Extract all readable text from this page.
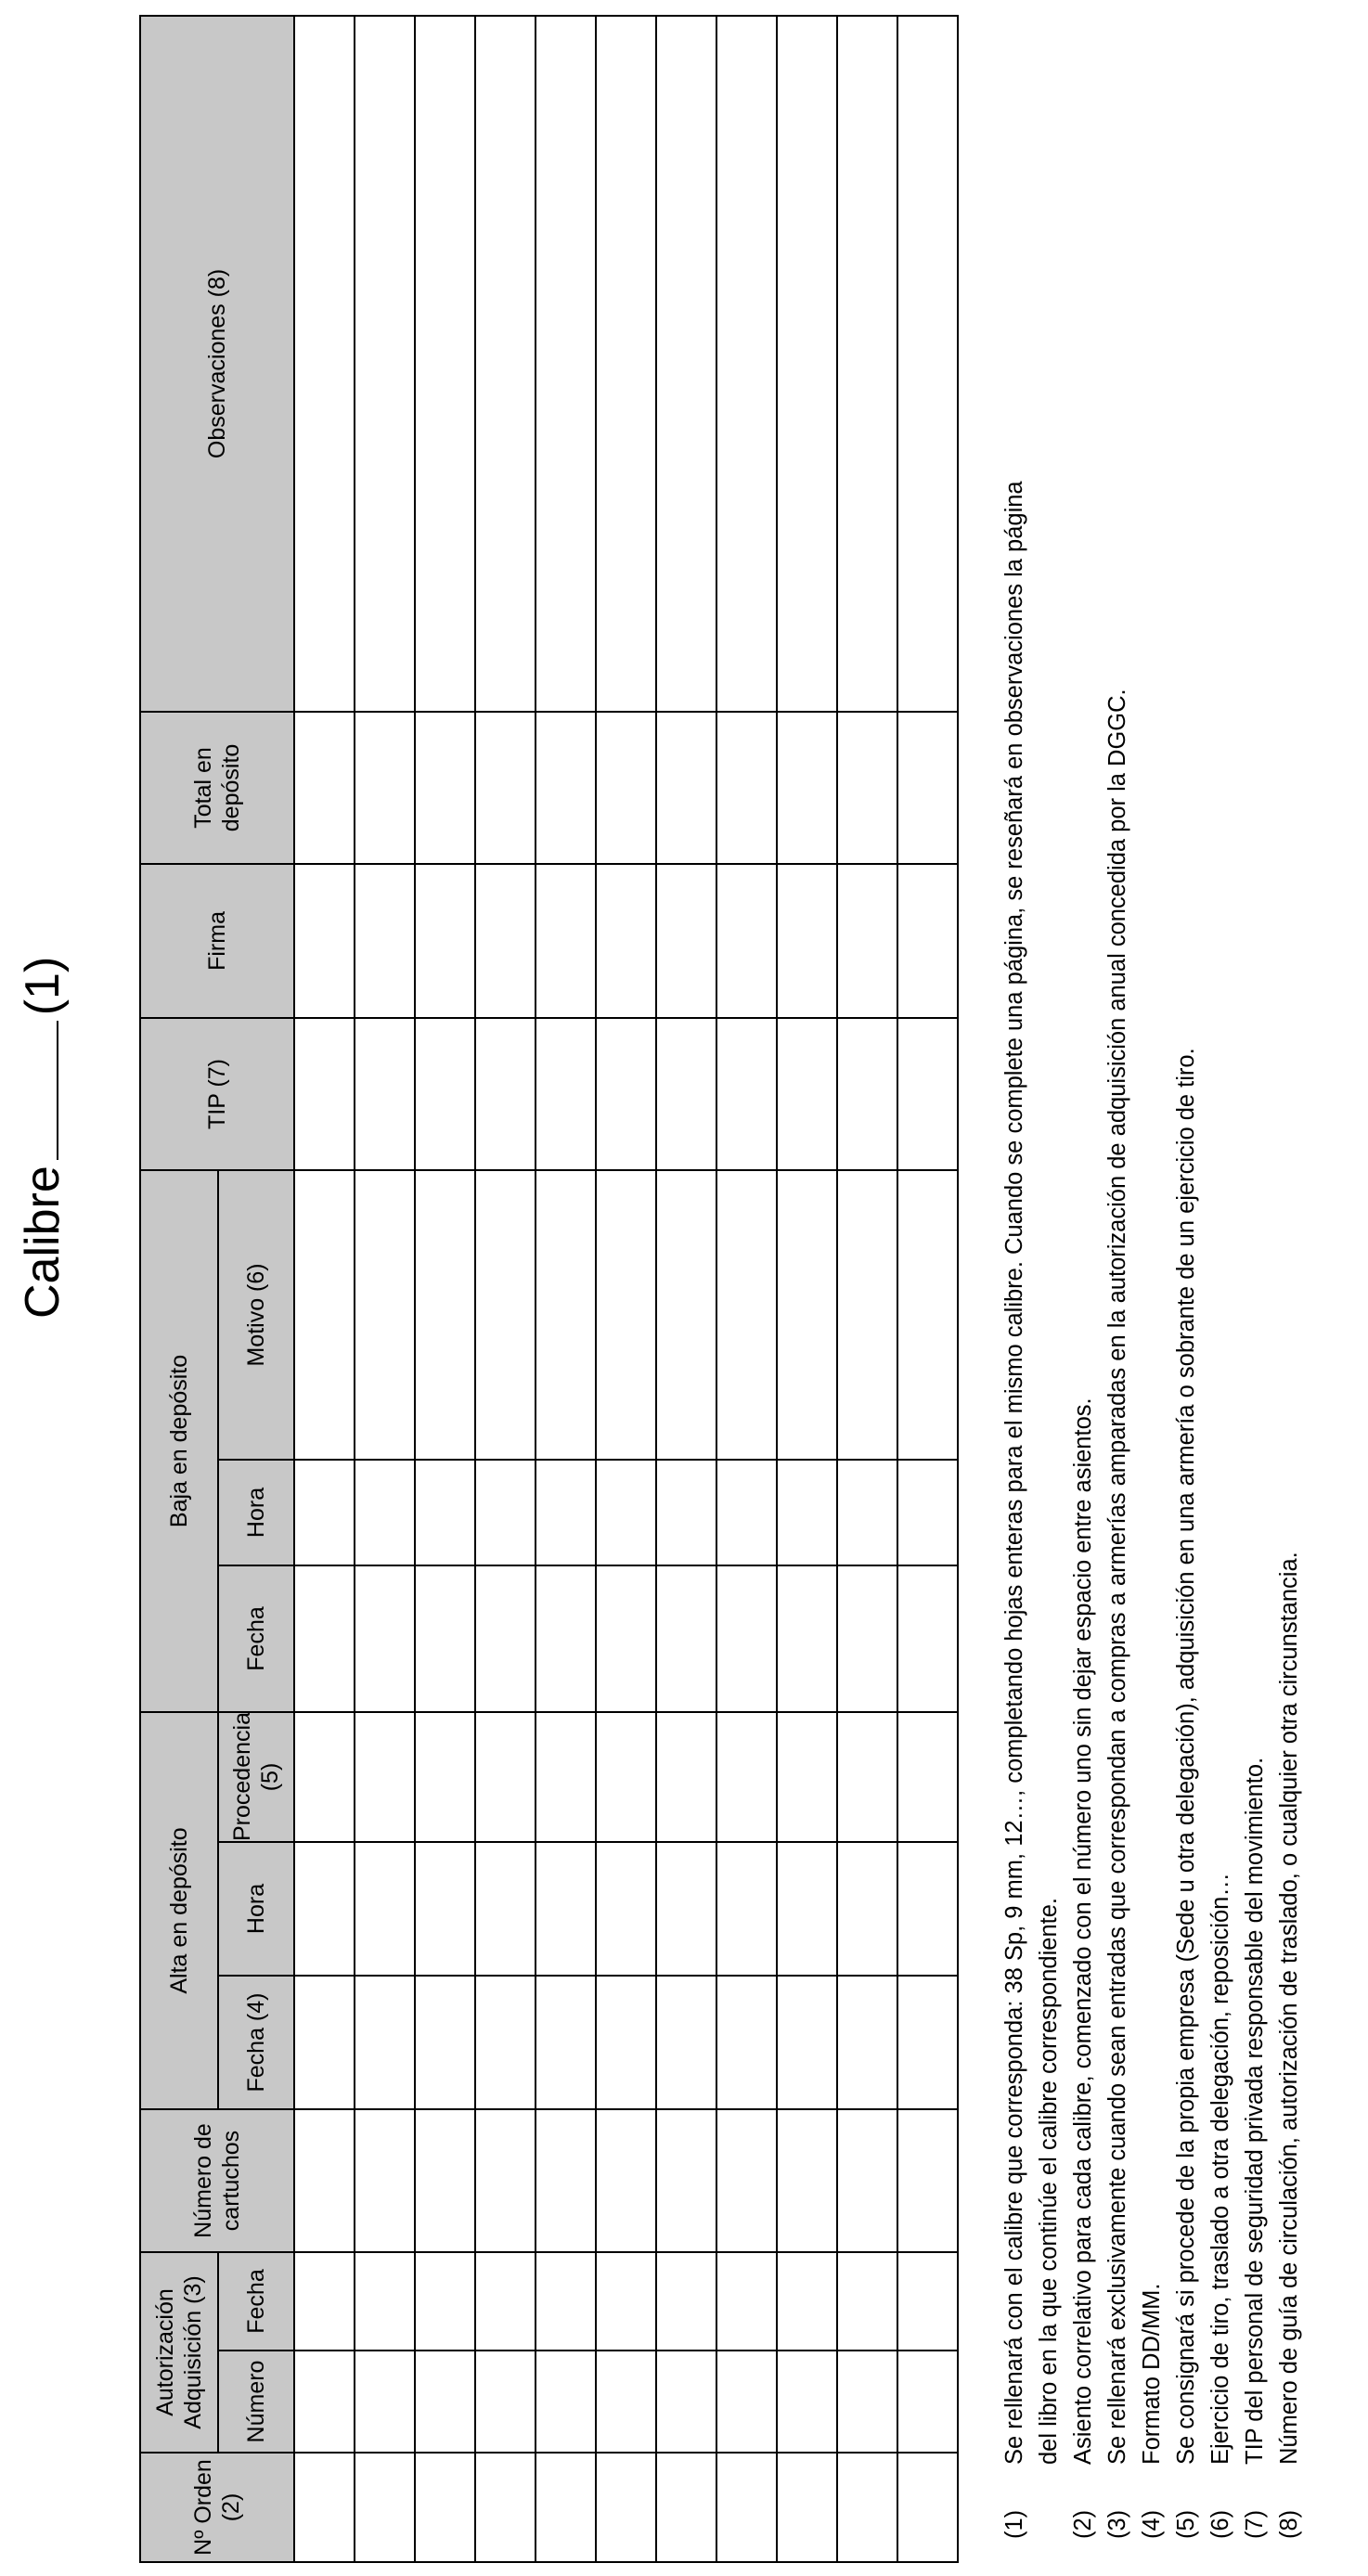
Calibre(1)
Nº Orden (2)	Autorización Adquisición (3)		Número de cartuchos	Alta en depósito			Baja en depósito			TIP (7)	Firma	Total en depósito	Observaciones (8)
	Número	Fecha		Fecha (4)	Hora	Procedencia (5)	Fecha	Hora	Motivo (6)				

(1)
Se rellenará con el calibre que corresponda: 38 Sp, 9 mm, 12…, completando hojas enteras para el mismo calibre. Cuando se complete una página, se reseñará en observaciones la página del libro en la que continúe el calibre correspondiente.
(2)
Asiento correlativo para cada calibre, comenzado con el número uno sin dejar espacio entre asientos.
(3)
Se rellenará exclusivamente cuando sean entradas que correspondan a compras a armerías amparadas en la autorización de adquisición anual concedida por la DGGC.
(4)
Formato DD/MM.
(5)
Se consignará si procede de la propia empresa (Sede u otra delegación), adquisición en una armería o sobrante de un ejercicio de tiro.
(6)
Ejercicio de tiro, traslado a otra delegación, reposición…
(7)
TIP del personal de seguridad privada responsable del movimiento.
(8)
Número de guía de circulación, autorización de traslado, o cualquier otra circunstancia.
